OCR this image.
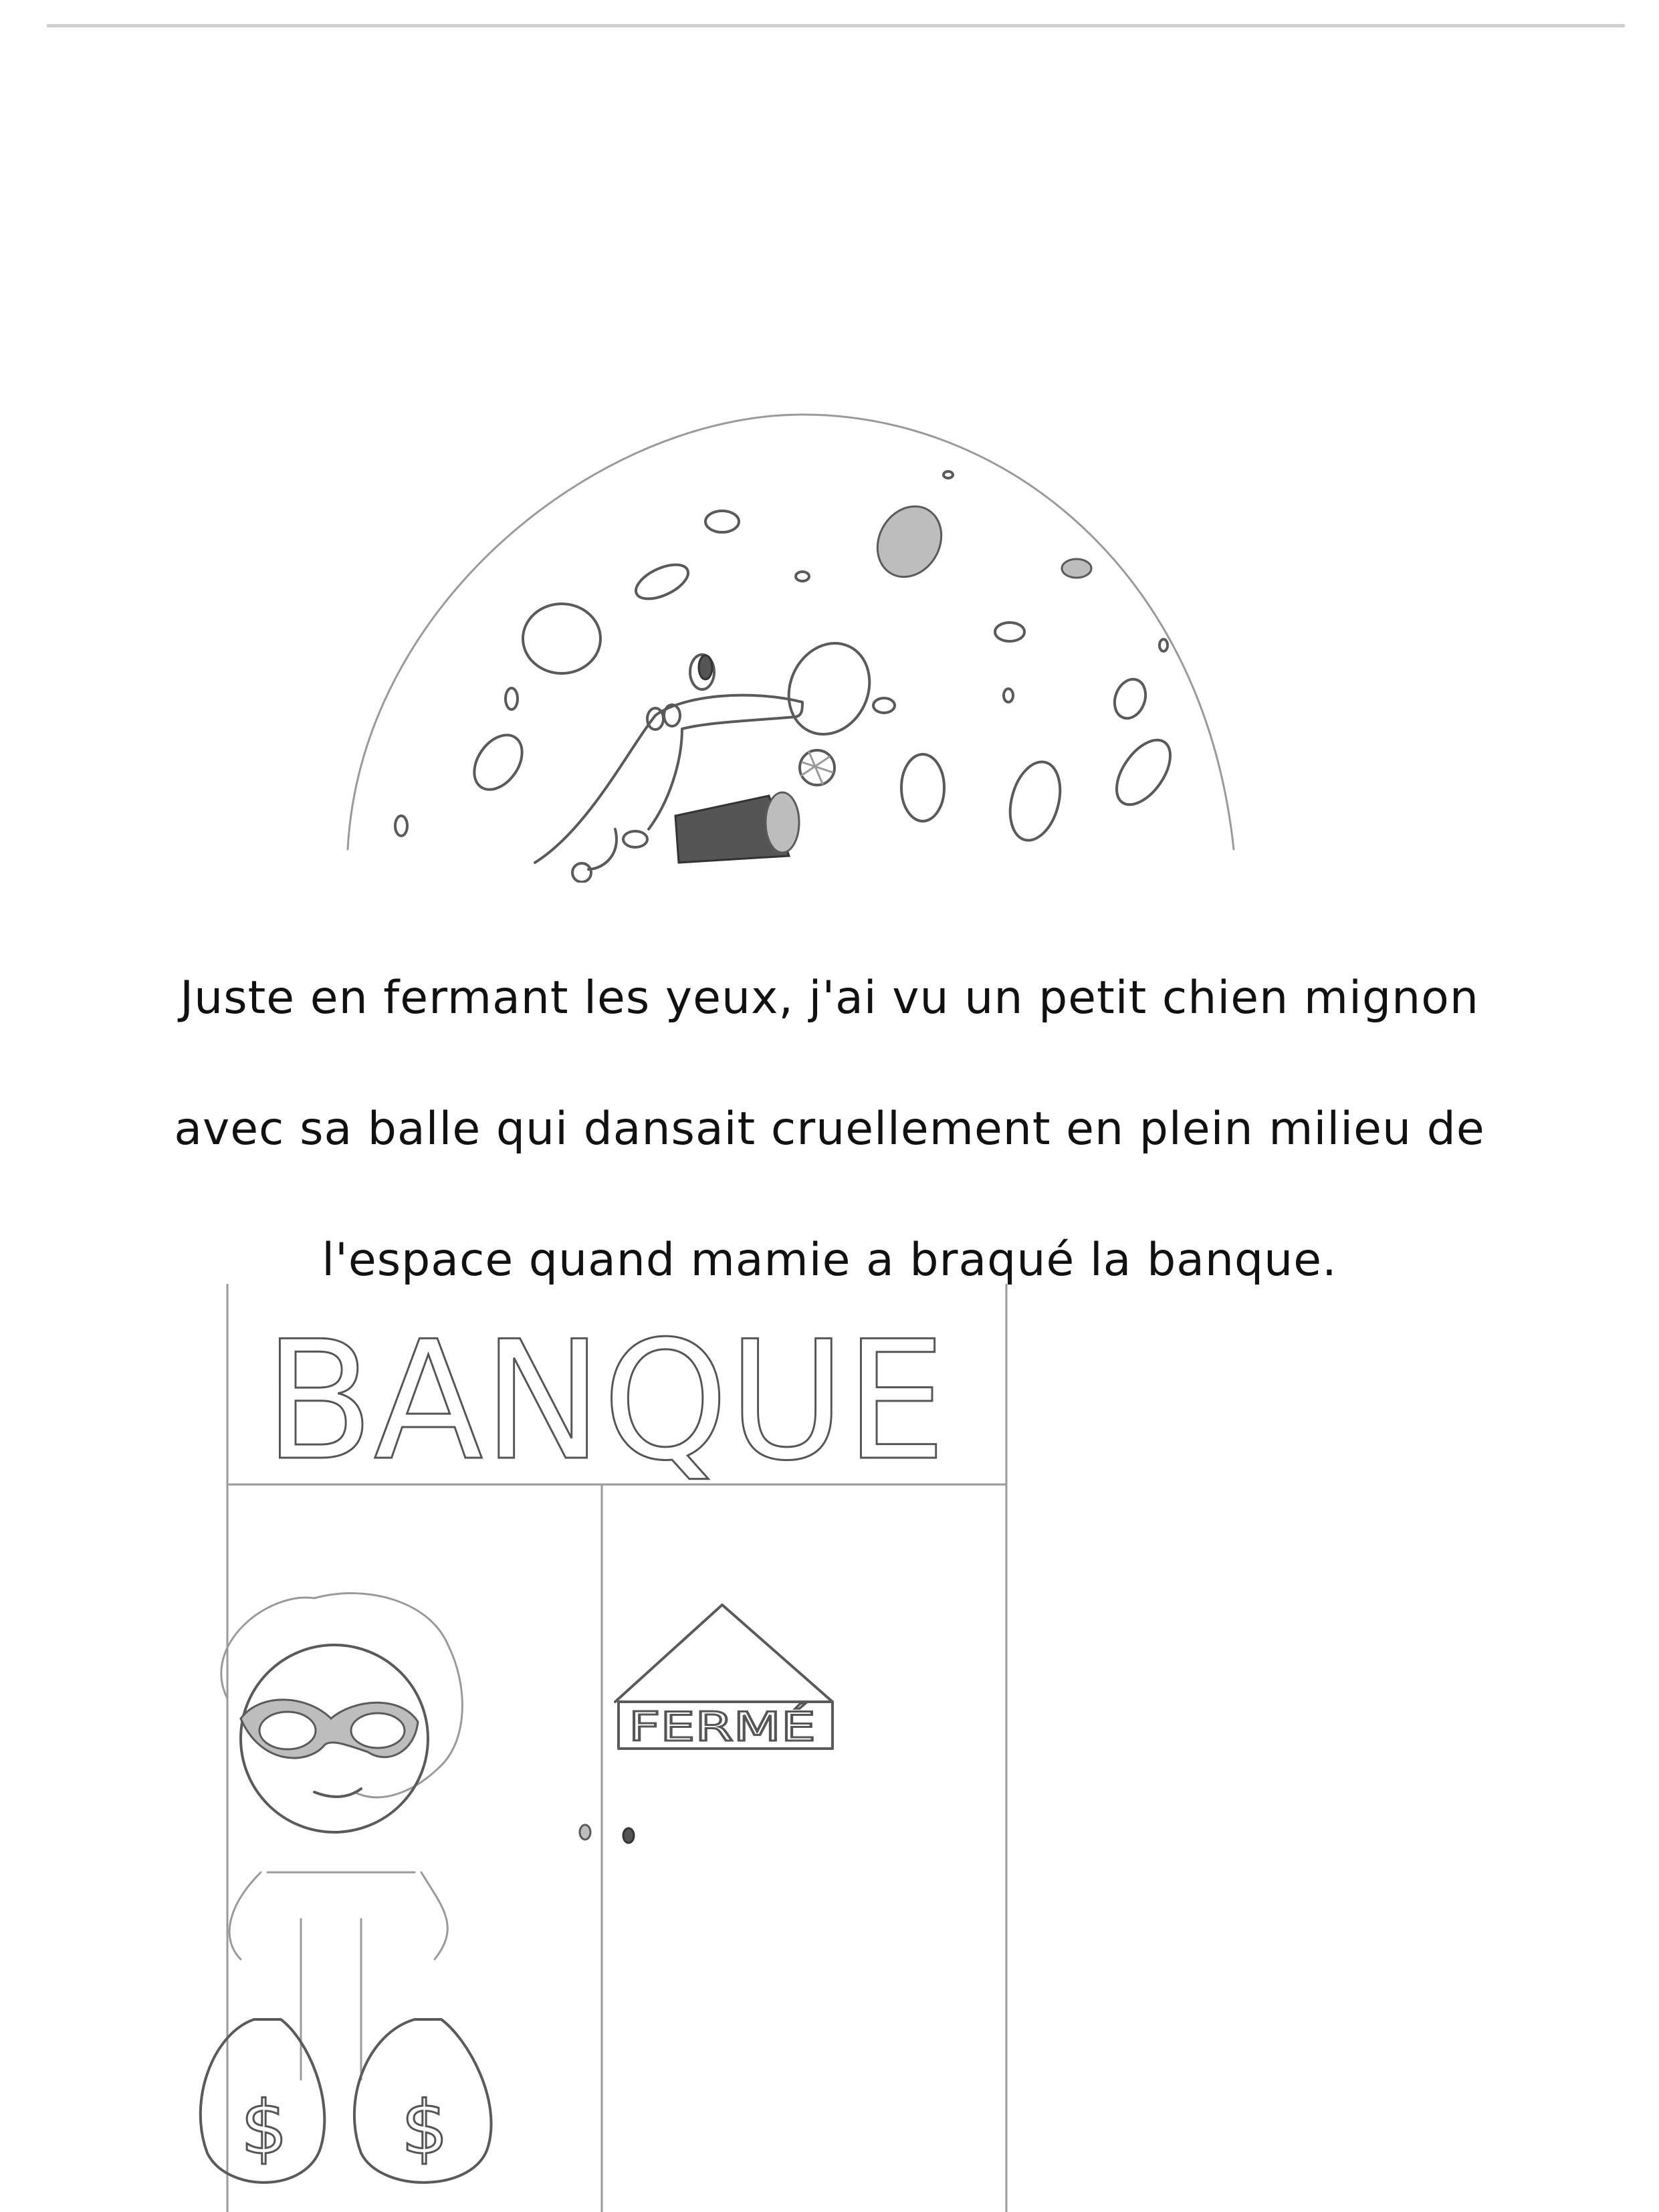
Juste en fermant les yeux, j'ai vu un petit chien mignon
avec sa balle qui dansait cruellement en plein milieu de
l'espace quand mamie a braqué la banque.
BANQUE
FERMÉ
$ $
